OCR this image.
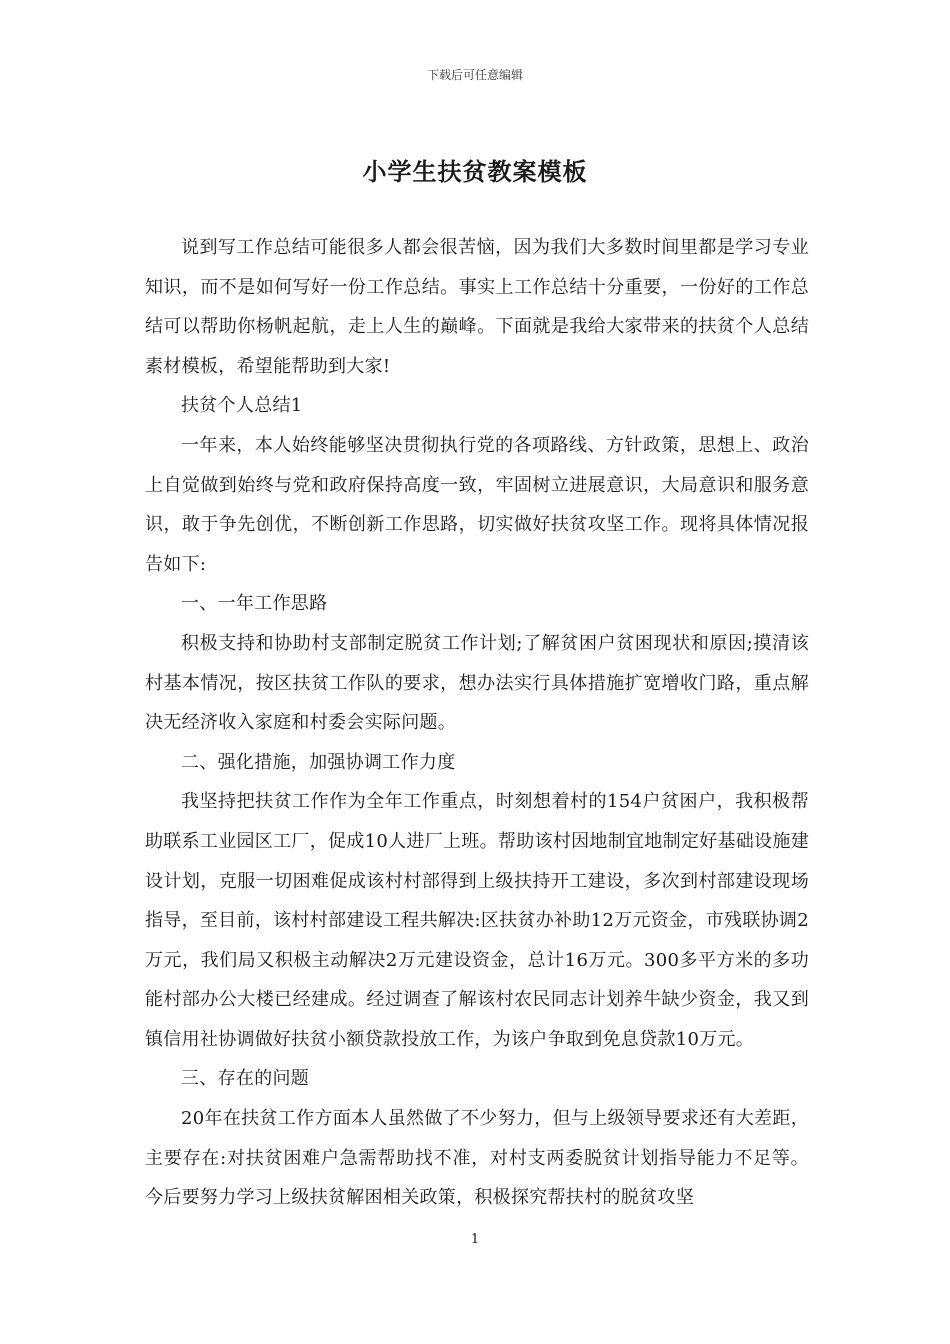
下载后可任意编辑
小学生扶贫教案模板

说到写工作总结可能很多人都会很苦恼，因为我们大多数时间里都是学习专业知识，而不是如何写好一份工作总结。事实上工作总结十分重要，一份好的工作总结可以帮助你杨帆起航，走上人生的巅峰。下面就是我给大家带来的扶贫个人总结素材模板，希望能帮助到大家!

扶贫个人总结1

一年来，本人始终能够坚决贯彻执行党的各项路线、方针政策，思想上、政治上自觉做到始终与党和政府保持高度一致，牢固树立进展意识，大局意识和服务意识，敢于争先创优，不断创新工作思路，切实做好扶贫攻坚工作。现将具体情况报告如下:

一、一年工作思路

积极支持和协助村支部制定脱贫工作计划;了解贫困户贫困现状和原因;摸清该村基本情况，按区扶贫工作队的要求，想办法实行具体措施扩宽增收门路，重点解决无经济收入家庭和村委会实际问题。

二、强化措施，加强协调工作力度

我坚持把扶贫工作作为全年工作重点，时刻想着村的154户贫困户，我积极帮助联系工业园区工厂，促成10人进厂上班。帮助该村因地制宜地制定好基础设施建设计划，克服一切困难促成该村村部得到上级扶持开工建设，多次到村部建设现场指导，至目前，该村村部建设工程共解决:区扶贫办补助12万元资金，市残联协调2万元，我们局又积极主动解决2万元建设资金，总计16万元。300多平方米的多功能村部办公大楼已经建成。经过调查了解该村农民同志计划养牛缺少资金，我又到镇信用社协调做好扶贫小额贷款投放工作，为该户争取到免息贷款10万元。

三、存在的问题

20年在扶贫工作方面本人虽然做了不少努力，但与上级领导要求还有大差距，主要存在:对扶贫困难户急需帮助找不准，对村支两委脱贫计划指导能力不足等。今后要努力学习上级扶贫解困相关政策，积极探究帮扶村的脱贫攻坚

1
